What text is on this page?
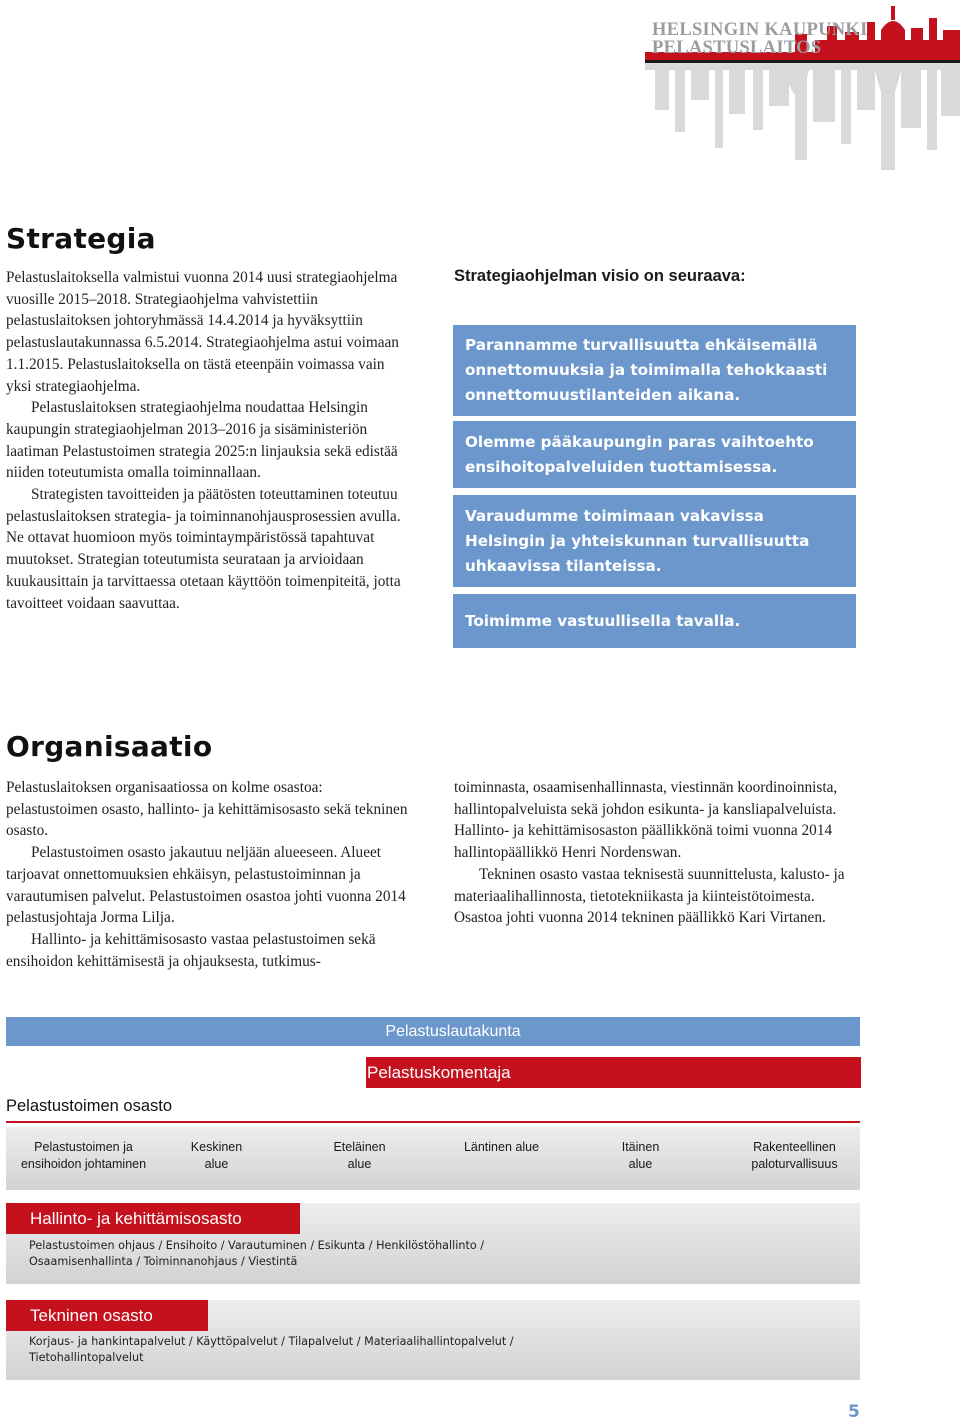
HELSINGIN KAUPUNKI
PELASTUSLAITOS
Strategia

Pelastuslaitoksella valmistui vuonna 2014 uusi strategiaohjelma vuosille 2015–2018. Strategiaohjelma vahvistettiin pelastuslaitoksen johtoryhmässä 14.4.2014 ja hyväksyttiin pelastuslautakunnassa 6.5.2014. Strategiaohjelma astui voimaan 1.1.2015. Pelastuslaitoksella on tästä eteenpäin voimassa vain yksi strategiaohjelma.

Pelastuslaitoksen strategiaohjelma noudattaa Helsingin kaupungin strategiaohjelman 2013–2016 ja sisäministeriön laatiman Pelastustoimen strategia 2025:n linjauksia sekä edistää niiden toteutumista omalla toiminnallaan.

Strategisten tavoitteiden ja päätösten toteuttaminen toteutuu pelastuslaitoksen strategia- ja toiminnanohjausprosessien avulla. Ne ottavat huomioon myös toimintaympäristössä tapahtuvat muutokset. Strategian toteutumista seurataan ja arvioidaan kuukausittain ja tarvittaessa otetaan käyttöön toimenpiteitä, jotta tavoitteet voidaan saavuttaa.

Strategiaohjelman visio on seuraava:
Parannamme turvallisuutta ehkäisemällä onnettomuuksia ja toimimalla tehokkaasti onnettomuustilanteiden aikana.
Olemme pääkaupungin paras vaihtoehto ensihoitopalveluiden tuottamisessa.
Varaudumme toimimaan vakavissa Helsingin ja yhteiskunnan turvallisuutta uhkaavissa tilanteissa.
Toimimme vastuullisella tavalla.
Organisaatio

Pelastuslaitoksen organisaatiossa on kolme osastoa: pelastustoimen osasto, hallinto- ja kehittämisosasto sekä tekninen osasto.

Pelastustoimen osasto jakautuu neljään alueeseen. Alueet tarjoavat onnettomuuksien ehkäisyn, pelastustoiminnan ja varautumisen palvelut. Pelastustoimen osastoa johti vuonna 2014 pelastusjohtaja Jorma Lilja.

Hallinto- ja kehittämisosasto vastaa pelastustoimen sekä ensihoidon kehittämisestä ja ohjauksesta, tutkimus-

toiminnasta, osaamisenhallinnasta, viestinnän koordinoinnista, hallintopalveluista sekä johdon esikunta- ja kansliapalveluista. Hallinto- ja kehittämisosaston päällikkönä toimi vuonna 2014 hallintopäällikkö Henri Nordenswan.

Tekninen osasto vastaa teknisestä suunnittelusta, kalusto- ja materiaalihallinnosta, tietotekniikasta ja kiinteistötoimesta. Osastoa johti vuonna 2014 tekninen päällikkö Kari Virtanen.

Pelastuslautakunta
Pelastuskomentaja
Pelastustoimen osasto
Pelastustoimen ja
ensihoidon johtaminen
Keskinen
alue
Eteläinen
alue
Läntinen alue	Itäinen
alue
Rakenteellinen
paloturvallisuus
Hallinto- ja kehittämisosasto
Pelastustoimen ohjaus / Ensihoito / Varautuminen / Esikunta / Henkilöstöhallinto /
Osaamisenhallinta / Toiminnanohjaus / Viestintä
Tekninen osasto
Korjaus- ja hankintapalvelut / Käyttöpalvelut / Tilapalvelut / Materiaalihallintopalvelut /
Tietohallintopalvelut
5
